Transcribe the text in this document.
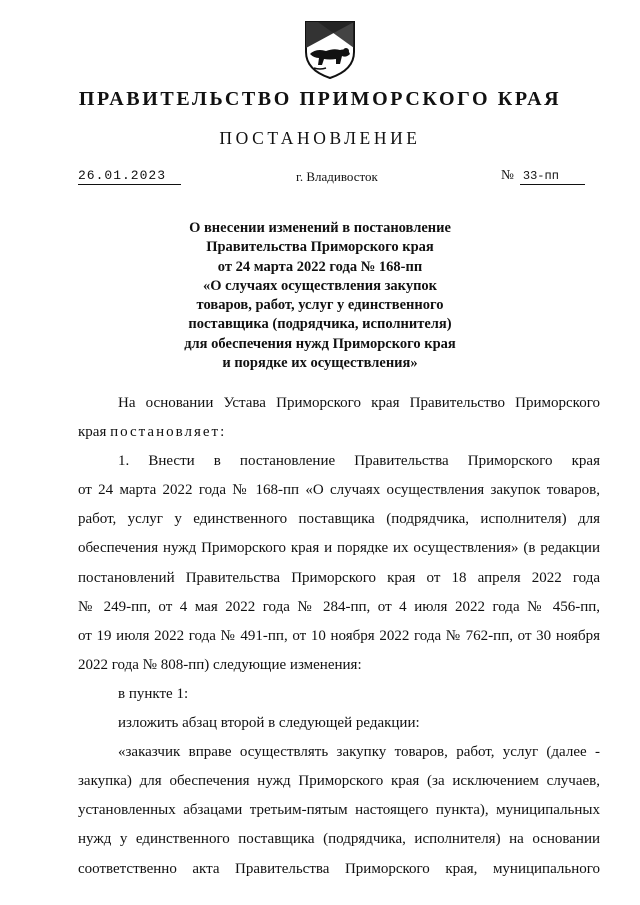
ПРАВИТЕЛЬСТВО ПРИМОРСКОГО КРАЯ
ПОСТАНОВЛЕНИЕ
26.01.2023	г. Владивосток	№ 33-пп
О внесении изменений в постановление
Правительства Приморского края
от 24 марта 2022 года № 168-пп
«О случаях осуществления закупок
товаров, работ, услуг у единственного
поставщика (подрядчика, исполнителя)
для обеспечения нужд Приморского края
и порядке их осуществления»

На основании Устава Приморского края Правительство Приморского
края постановляет:

1. Внести в постановление Правительства Приморского края
от 24 марта 2022 года № 168-пп «О случаях осуществления закупок товаров,
работ, услуг у единственного поставщика (подрядчика, исполнителя) для
обеспечения нужд Приморского края и порядке их осуществления» (в редакции
постановлений Правительства Приморского края от 18 апреля 2022 года
№ 249-пп, от 4 мая 2022 года № 284-пп, от 4 июля 2022 года № 456-пп,
от 19 июля 2022 года № 491-пп, от 10 ноября 2022 года № 762-пп, от 30 ноября
2022 года № 808-пп) следующие изменения:

в пункте 1:

изложить абзац второй в следующей редакции:

«заказчик вправе осуществлять закупку товаров, работ, услуг (далее -
закупка) для обеспечения нужд Приморского края (за исключением случаев,
установленных абзацами третьим-пятым настоящего пункта), муниципальных
нужд у единственного поставщика (подрядчика, исполнителя) на основании
соответственно акта Правительства Приморского края, муниципального
